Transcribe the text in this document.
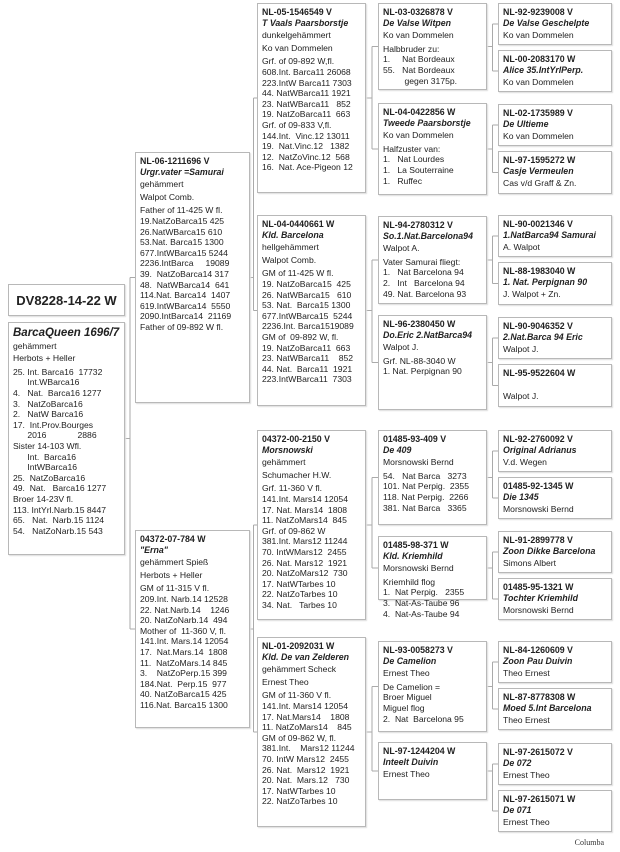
DV8228-14-22 W
BarcaQueen 1696/7
gehämmert
Herbots + Heller
25. Int. Barca16  17732
Int.WBarca16
4.   Nat.  Barca16 1277
3.   NatZoBarca16
2.   NatW Barca16
17.  Int.Prov.Bourges
2016             2886
Sister 14-103 Wfl.
Int.  Barca16
IntWBarca16
25.  NatZoBarca16
49.  Nat.   Barca16 1277
Broer 14-23V fl.
113. IntYrl.Narb.15 8447
65.   Nat.  Narb.15 1124
54.   NatZoNarb.15 543
NL-06-1211696 V
Urgr.vater =Samurai
gehämmert
Walpot Comb.
Father of 11-425 W fl.
19.NatZoBarca15 425
26.NatWBarca15 610
53.Nat. Barca15 1300
677.IntWBarca15 5244
2236.IntBarca     19089
39.  NatZoBarca14 317
48.  NatWBarca14  641
114.Nat. Barca14  1407
619.IntWBarca14  5550
2090.IntBarca14  21169
Father of 09-892 W fl.
04372-07-784 W
"Erna"
gehämmert Spieß
Herbots + Heller
GM of 11-315 V fl.
209.Int. Narb.14 12528
22. Nat.Narb.14    1246
20. NatZoNarb.14  494
Mother of  11-360 V, fl.
141.Int. Mars.14 12054
17.  Nat.Mars.14  1808
11.  NatZoMars.14 845
3.    NatZoPerp.15 399
184.Nat.  Perp.15  977
40. NatZoBarca15 425
116.Nat. Barca15 1300
NL-05-1546549 V
T Vaals Paarsborstje
dunkelgehämmert
Ko van Dommelen
Grf. of 09-892 W,fl.
608.Int. Barca11 26068
223.IntW Barca11 7303
44. NatWBarca11 1921
23. NatWBarca11   852
19. NatZoBarca11  663
Grf. of 09-833 V,fl.
144.Int.  Vinc.12 13011
19.  Nat.Vinc.12   1382
12.  NatZoVinc.12  568
16.  Nat. Ace-Pigeon 12
NL-04-0440661 W
Kld. Barcelona
hellgehämmert
Walpot Comb.
GM of 11-425 W fl.
19. NatZoBarca15  425
26. NatWBarca15   610
53. Nat.  Barca15 1300
677.IntWBarca15  5244
2236.Int. Barca1519089
GM of  09-892 W, fl.
19. NatZoBarca11  663
23. NatWBarca11    852
44. Nat.  Barca11  1921
223.IntWBarca11  7303
04372-00-2150 V
Morsnowski
gehämmert
Schumacher H.W.
Grf. 11-360 V fl.
141.Int. Mars14 12054
17. Nat. Mars14  1808
11. NatZoMars14  845
Grf. of 09-862 W
381.Int. Mars12 11244
70. IntWMars12  2455
26. Nat. Mars12  1921
20. NatZoMars12  730
17. NatWTarbes 10
22. NatZoTarbes 10
34. Nat.   Tarbes 10
NL-01-2092031 W
Kld. De van Zelderen
gehämmert Scheck
Ernest Theo
GM of 11-360 V fl.
141.Int. Mars14 12054
17. Nat.Mars14    1808
11. NatZoMars14    845
GM of 09-862 W, fl.
381.Int.    Mars12 11244
70. IntW Mars12  2455
26. Nat.  Mars12  1921
20. Nat.  Mars.12   730
17. NatWTarbes 10
22. NatZoTarbes 10
NL-03-0326878 V
De Valse Witpen
Ko van Dommelen
Halbbruder zu:
1.     Nat Bordeaux
55.   Nat Bordeaux
gegen 3175p.
NL-04-0422856 W
Tweede Paarsborstje
Ko van Dommelen
Halfzuster van:
1.   Nat Lourdes
1.   La Souterraine
1.   Ruffec
NL-94-2780312 V
So.1.Nat.Barcelona94
Walpot A.
Vater Samurai fliegt:
1.   Nat Barcelona 94
2.   Int   Barcelona 94
49. Nat. Barcelona 93
NL-96-2380450 W
Do.Eric 2.NatBarca94
Walpot J.
Grf. NL-88-3040 W
1. Nat. Perpignan 90
01485-93-409 V
De 409
Morsnowski Bernd
54.   Nat Barca   3273
101. Nat Perpig.  2355
118. Nat Perpig.  2266
381. Nat Barca   3365
01485-98-371 W
Kld. Kriemhild
Morsnowski Bernd
Kriemhild flog
1.  Nat Perpig.   2355
3.  Nat-As-Taube 96
4.  Nat-As-Taube 94
NL-93-0058273 V
De Camelion
Ernest Theo
De Camelion =
Broer Miguel
Miguel flog
2.  Nat  Barcelona 95
NL-97-1244204 W
Inteelt Duivin
Ernest Theo
NL-92-9239008 V
De Valse Geschelpte
Ko van Dommelen
NL-00-2083170 W
Alice 35.IntYrlPerp.
Ko van Dommelen
NL-02-1735989 V
De Ultieme
Ko van Dommelen
NL-97-1595272 W
Casje Vermeulen
Cas v/d Graff & Zn.
NL-90-0021346 V
1.NatBarca94 Samurai
A. Walpot
NL-88-1983040 W
1. Nat. Perpignan 90
J. Walpot + Zn.
NL-90-9046352 V
2.Nat.Barca 94 Eric
Walpot J.
NL-95-9522604 W

Walpot J.
NL-92-2760092 V
Original Adrianus
V.d. Wegen
01485-92-1345 W
Die 1345
Morsnowski Bernd
NL-91-2899778 V
Zoon Dikke Barcelona
Simons Albert
01485-95-1321 W
Tochter Kriemhild
Morsnowski Bernd
NL-84-1260609 V
Zoon Pau Duivin
Theo Ernest
NL-87-8778308 W
Moed 5.Int Barcelona
Theo Ernest
NL-97-2615072 V
De 072
Ernest Theo
NL-97-2615071 W
De 071
Ernest Theo
Columba
